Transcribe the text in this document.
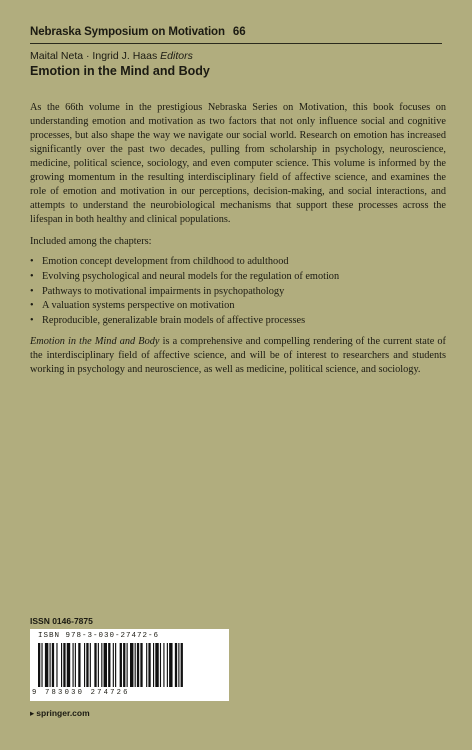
Nebraska Symposium on Motivation 66
Maital Neta · Ingrid J. Haas Editors
Emotion in the Mind and Body

As the 66th volume in the prestigious Nebraska Series on Motivation, this book focuses on understanding emotion and motivation as two factors that not only influence social and cognitive processes, but also shape the way we navigate our social world. Research on emotion has increased significantly over the past two decades, pulling from scholarship in psychology, neuroscience, medicine, political science, sociology, and even computer science. This volume is informed by the growing momentum in the resulting interdisciplinary field of affective science, and examines the role of emotion and motivation in our perceptions, decision-making, and social interactions, and attempts to understand the neurobiological mechanisms that support these processes across the lifespan in both healthy and clinical populations.

Included among the chapters:

• Emotion concept development from childhood to adulthood
• Evolving psychological and neural models for the regulation of emotion
• Pathways to motivational impairments in psychopathology
• A valuation systems perspective on motivation
• Reproducible, generalizable brain models of affective processes

Emotion in the Mind and Body is a comprehensive and compelling rendering of the current state of the interdisciplinary field of affective science, and will be of interest to researchers and students working in psychology and neuroscience, as well as medicine, political science, and sociology.

ISSN 0146-7875
ISBN 978-3-030-27472-6
9 783030 274726
▸ springer.com
